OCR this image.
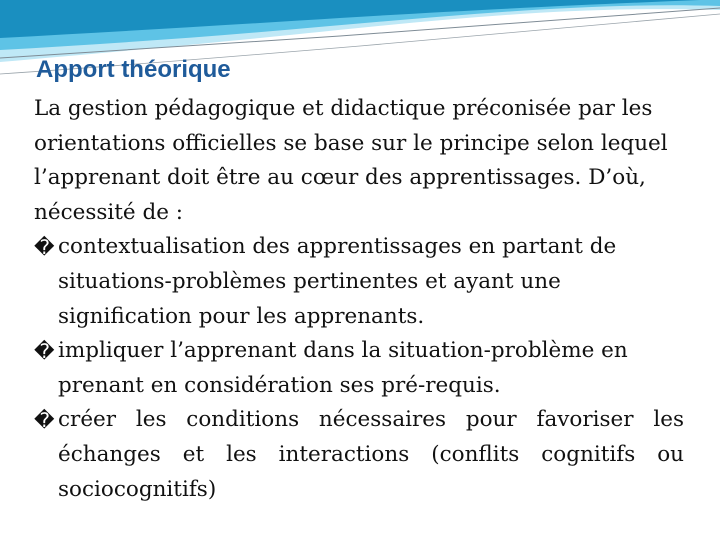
Apport théorique

La gestion pédagogique et didactique préconisée par les orientations officielles se base sur le principe selon lequel l’apprenant doit être au cœur des apprentissages. D’où, nécessité de :

� contextualisation des apprentissages en partant de situations-problèmes pertinentes et ayant une signification pour les apprenants.
� impliquer l’apprenant dans la situation-problème en prenant en considération ses pré-requis.
� créer les conditions nécessaires pour favoriser les échanges et les interactions (conflits cognitifs ou sociocognitifs)
